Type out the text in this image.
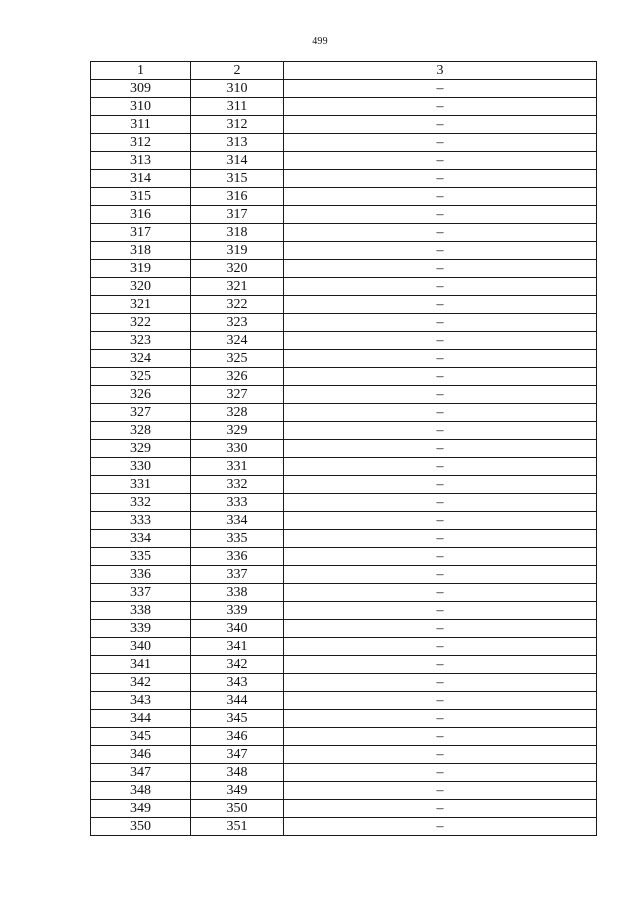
499
1	2	3
309	310	–
310	311	–
311	312	–
312	313	–
313	314	–
314	315	–
315	316	–
316	317	–
317	318	–
318	319	–
319	320	–
320	321	–
321	322	–
322	323	–
323	324	–
324	325	–
325	326	–
326	327	–
327	328	–
328	329	–
329	330	–
330	331	–
331	332	–
332	333	–
333	334	–
334	335	–
335	336	–
336	337	–
337	338	–
338	339	–
339	340	–
340	341	–
341	342	–
342	343	–
343	344	–
344	345	–
345	346	–
346	347	–
347	348	–
348	349	–
349	350	–
350	351	–
